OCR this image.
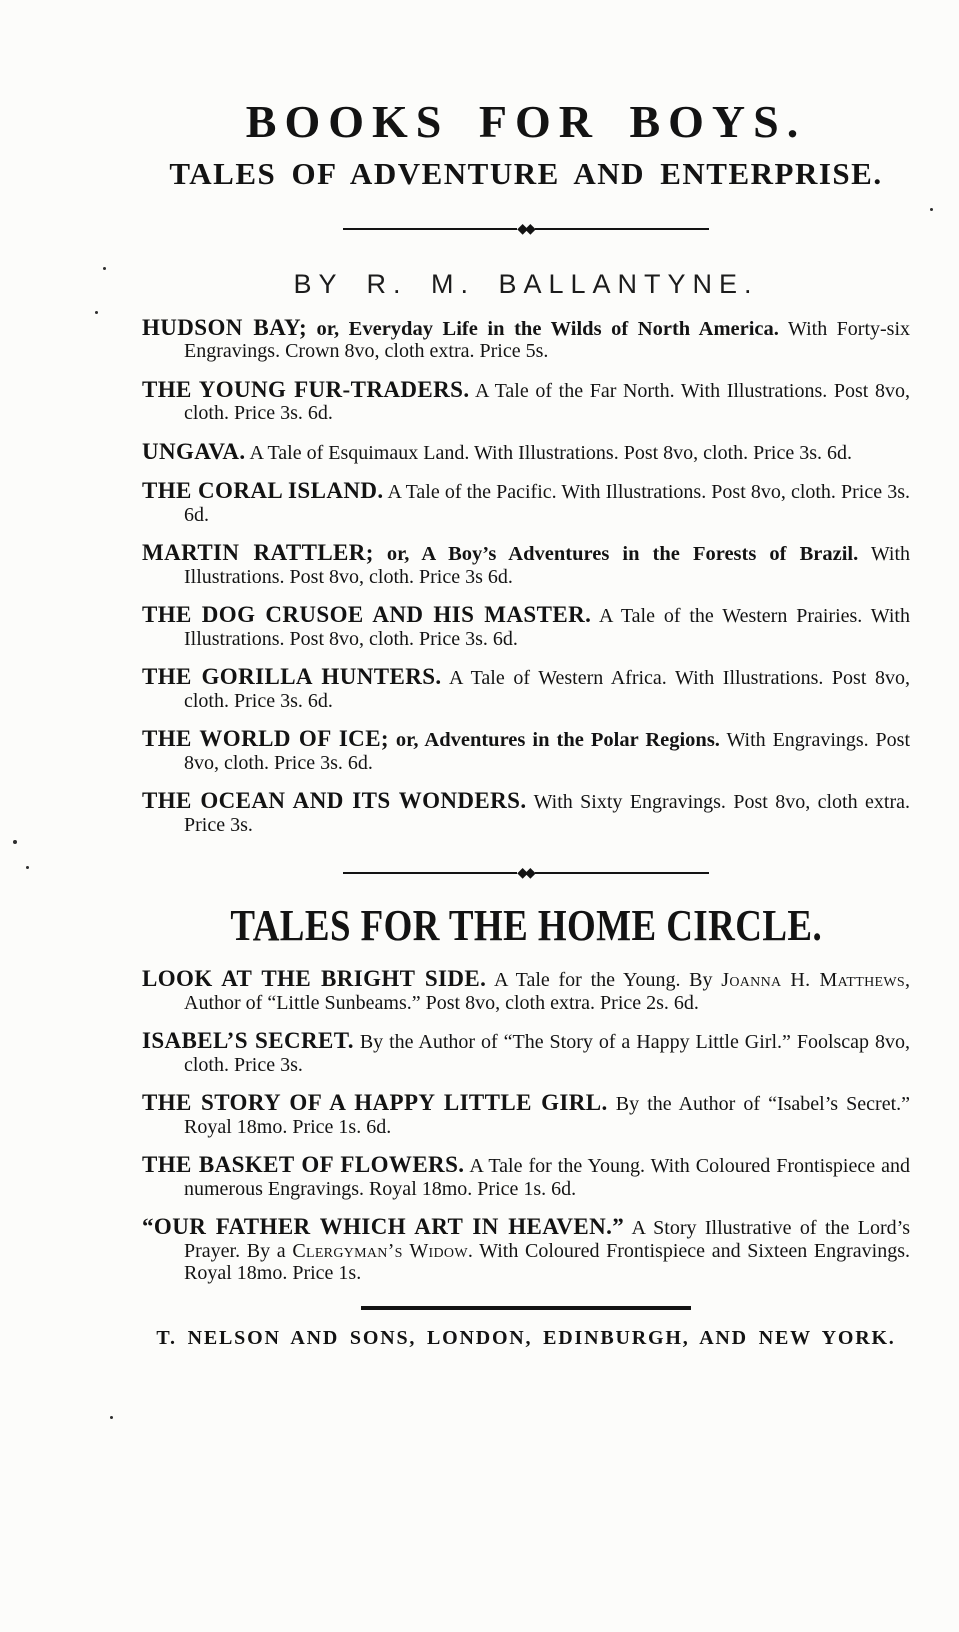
BOOKS FOR BOYS.
TALES OF ADVENTURE AND ENTERPRISE.
◆◆
BY R. M. BALLANTYNE.

HUDSON BAY; or, Everyday Life in the Wilds of North America. With Forty-six Engravings. Crown 8vo, cloth extra. Price 5s.

THE YOUNG FUR-TRADERS. A Tale of the Far North. With Illustrations. Post 8vo, cloth. Price 3s. 6d.

UNGAVA. A Tale of Esquimaux Land. With Illustrations. Post 8vo, cloth. Price 3s. 6d.

THE CORAL ISLAND. A Tale of the Pacific. With Illustrations. Post 8vo, cloth. Price 3s. 6d.

MARTIN RATTLER; or, A Boy’s Adventures in the Forests of Brazil. With Illustrations. Post 8vo, cloth. Price 3s 6d.

THE DOG CRUSOE AND HIS MASTER. A Tale of the Western Prairies. With Illustrations. Post 8vo, cloth. Price 3s. 6d.

THE GORILLA HUNTERS. A Tale of Western Africa. With Illustrations. Post 8vo, cloth. Price 3s. 6d.

THE WORLD OF ICE; or, Adventures in the Polar Regions. With Engravings. Post 8vo, cloth. Price 3s. 6d.

THE OCEAN AND ITS WONDERS. With Sixty Engravings. Post 8vo, cloth extra. Price 3s.

◆◆
TALES FOR THE HOME CIRCLE.

LOOK AT THE BRIGHT SIDE. A Tale for the Young. By Joanna H. Matthews, Author of “Little Sunbeams.” Post 8vo, cloth extra. Price 2s. 6d.

ISABEL’S SECRET. By the Author of “The Story of a Happy Little Girl.” Foolscap 8vo, cloth. Price 3s.

THE STORY OF A HAPPY LITTLE GIRL. By the Author of “Isabel’s Secret.” Royal 18mo. Price 1s. 6d.

THE BASKET OF FLOWERS. A Tale for the Young. With Coloured Frontispiece and numerous Engravings. Royal 18mo. Price 1s. 6d.

“OUR FATHER WHICH ART IN HEAVEN.” A Story Illustrative of the Lord’s Prayer. By a Clergyman’s Widow. With Coloured Frontispiece and Sixteen Engravings. Royal 18mo. Price 1s.

T. NELSON AND SONS, LONDON, EDINBURGH, AND NEW YORK.
